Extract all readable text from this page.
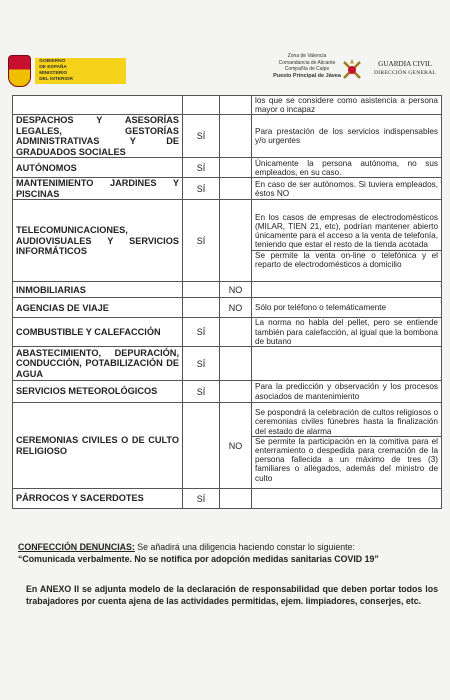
GOBIERNO
DE ESPAÑA
MINISTERIO
DEL INTERIOR
Zona de Valencia
Comandancia de Alicante
Compañía de Calpe
Puesto Principal de Jávea
GUARDIA CIVIL
DIRECCIÓN GENERAL

			los que se considere como asistencia a persona mayor o incapaz

DESPACHOS Y ASESORÍAS LEGALES, GESTORÍAS ADMINISTRATIVAS Y DE GRADUADOS SOCIALES	SÍ		Para prestación de los servicios indispensables y/o urgentes

AUTÓNOMOS	SÍ		Únicamente la persona autónoma, no sus empleados, en su caso.

MANTENIMIENTO JARDINES Y PISCINAS	SÍ		En caso de ser autónomos. Si tuviera empleados, éstos NO

TELECOMUNICACIONES, AUDIOVISUALES Y SERVICIOS INFORMÁTICOS	SÍ		En los casos de empresas de electrodomésticos (MILAR, TIEN 21, etc), podrían mantener abierto únicamente para el acceso a la venta de telefonía, teniendo que estar el resto de la tienda acotada
Se permite la venta on-line o telefónica y el reparto de electrodomésticos a domicilio

INMOBILIARIAS		NO	

AGENCIAS DE VIAJE		NO	Sólo por teléfono o telemáticamente

COMBUSTIBLE Y CALEFACCIÓN	SÍ		La norma no habla del pellet, pero se entiende también para calefacción, al igual que la bombona de butano

ABASTECIMIENTO, DEPURACIÓN, CONDUCCIÓN, POTABILIZACIÓN DE AGUA	SÍ		

SERVICIOS METEOROLÓGICOS	SÍ		Para la predicción y observación y los procesos asociados de mantenimiento

CEREMONIAS CIVILES O DE CULTO RELIGIOSO		NO	Se pospondrá la celebración de cultos religiosos o ceremonias civiles fúnebres hasta la finalización del estado de alarma
Se permite la participación en la comitiva para el enterramiento o despedida para cremación de la persona fallecida a un máximo de tres (3) familiares o allegados, además del ministro de culto

PÁRROCOS Y SACERDOTES	SÍ		
CONFECCIÓN DENUNCIAS: Se añadirá una diligencia haciendo constar lo siguiente:
“Comunicada verbalmente. No se notifica por adopción medidas sanitarias COVID 19”
En ANEXO II se adjunta modelo de la declaración de responsabilidad que deben portar todos los trabajadores por cuenta ajena de las actividades permitidas, ejem. limpiadores, conserjes, etc.
